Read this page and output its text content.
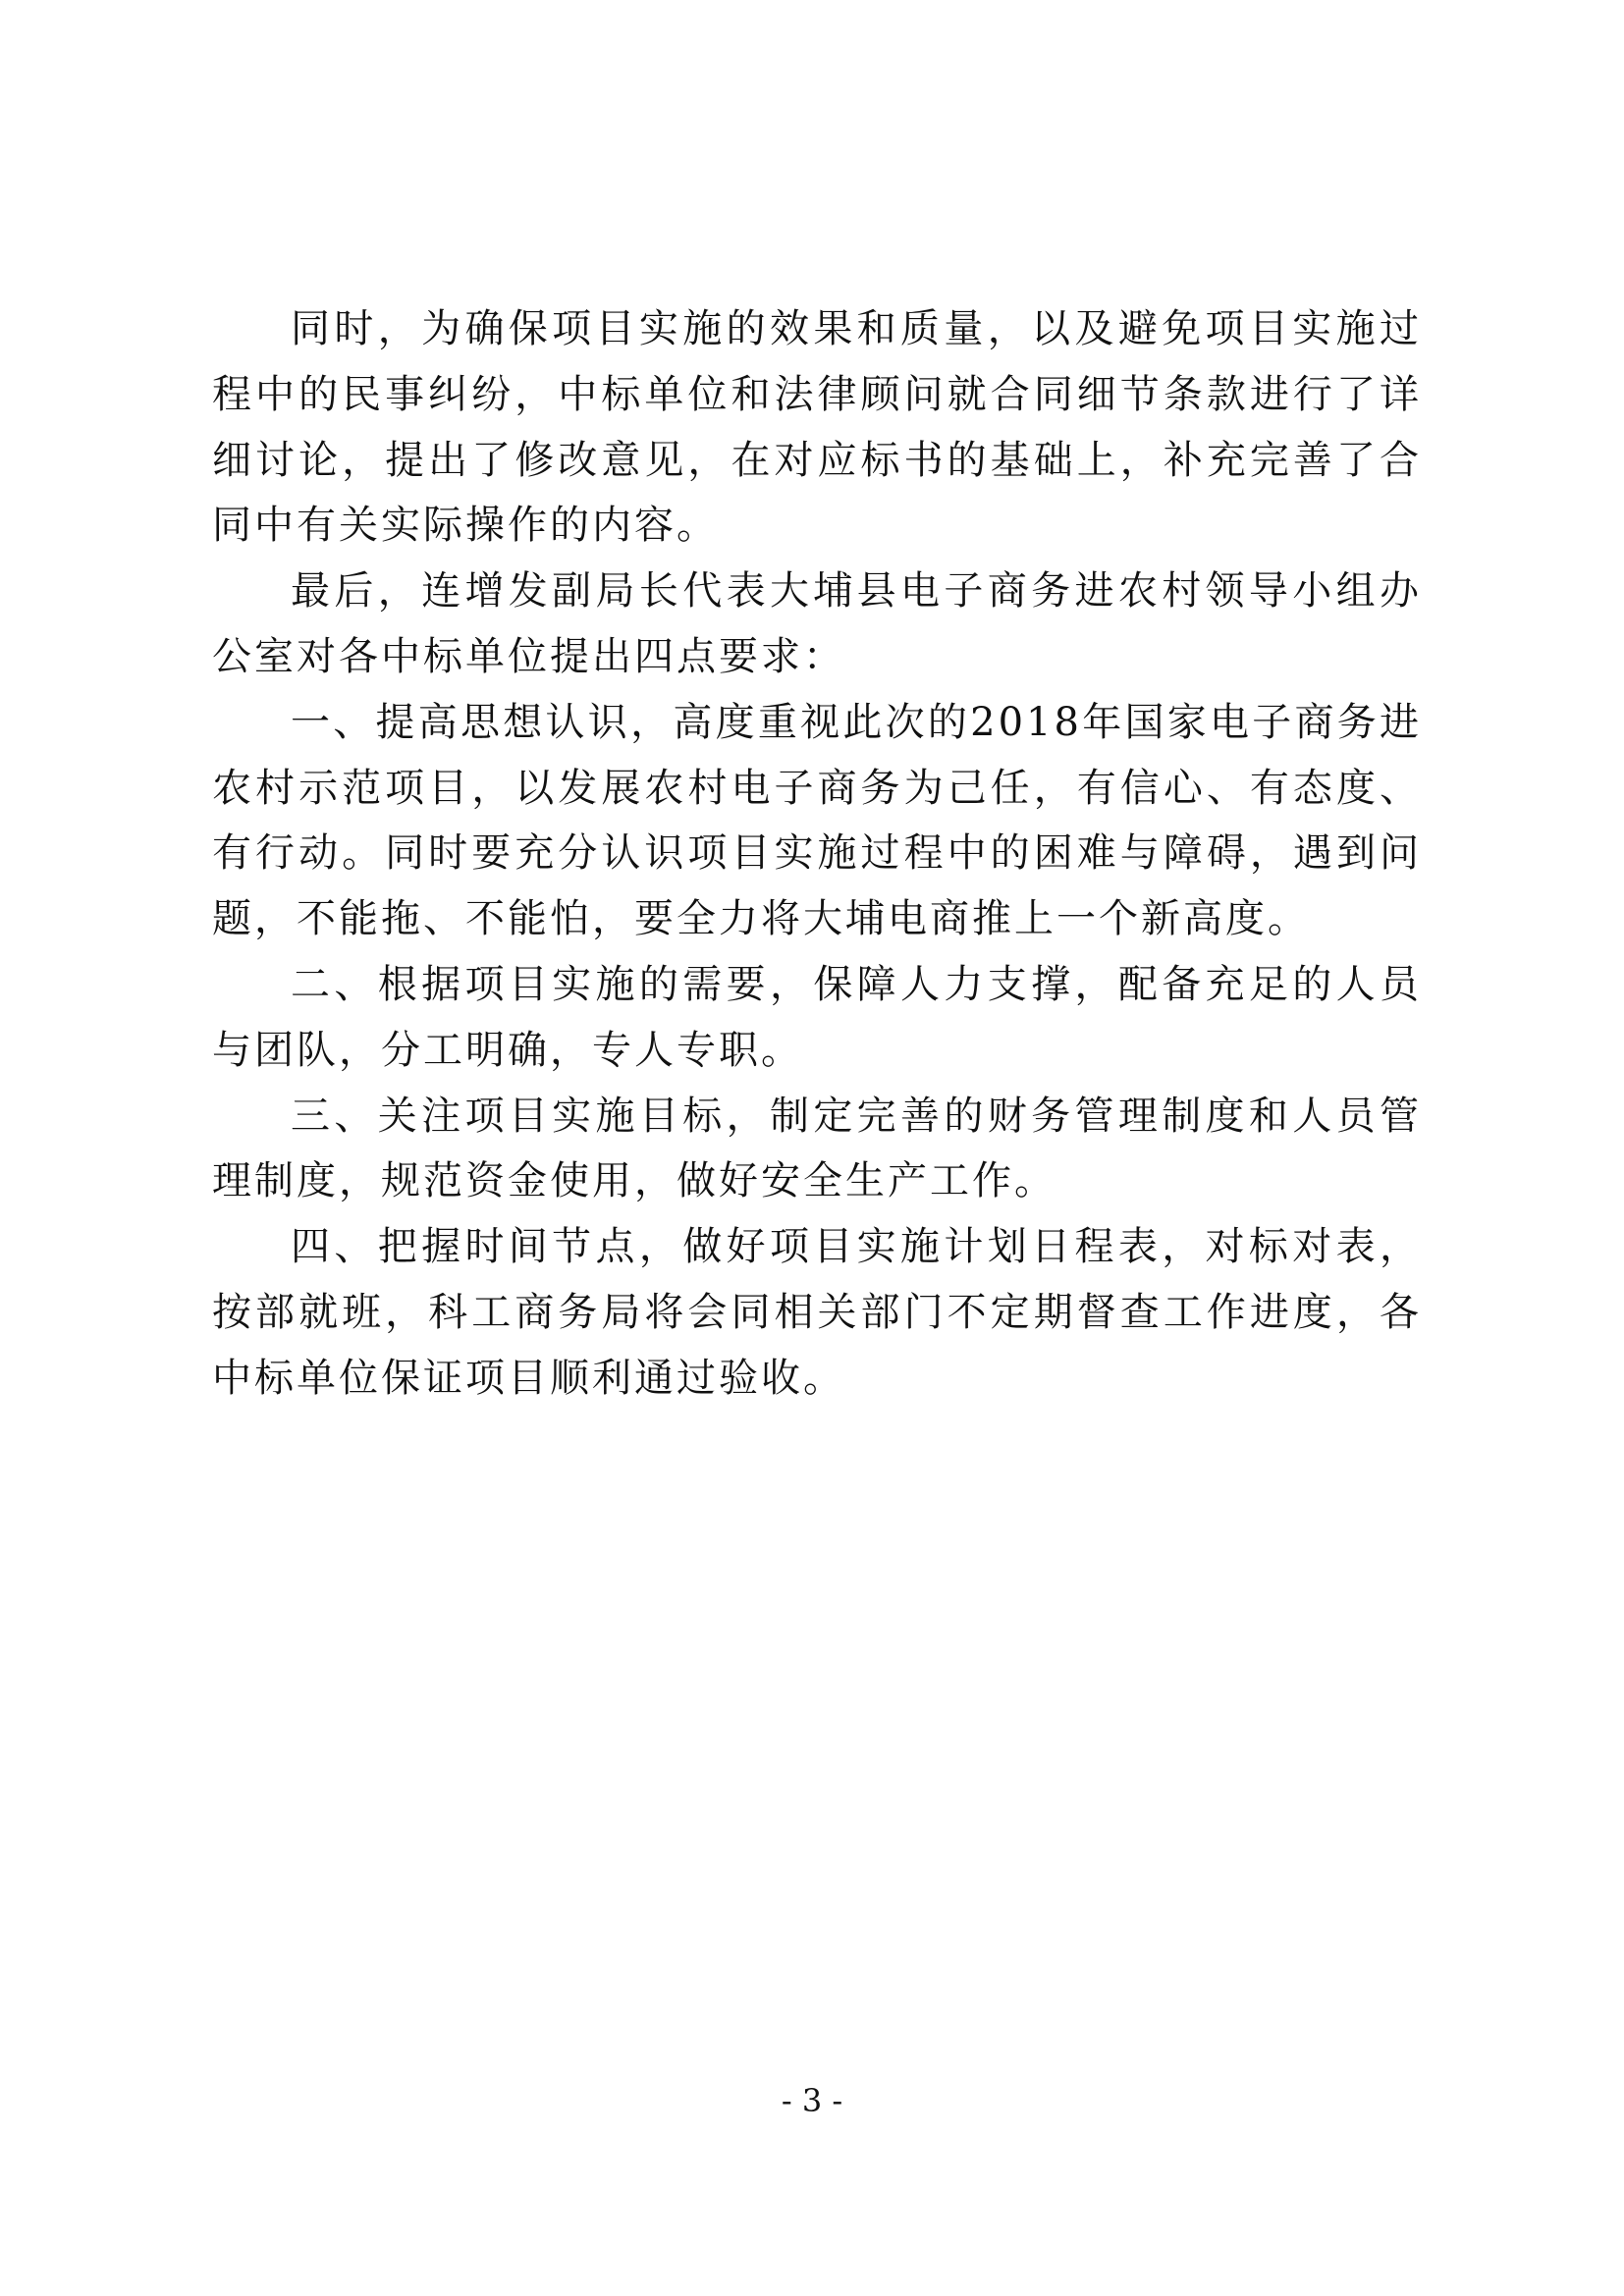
同时，为确保项目实施的效果和质量，以及避免项目实施过程中的民事纠纷，中标单位和法律顾问就合同细节条款进行了详细讨论，提出了修改意见，在对应标书的基础上，补充完善了合同中有关实际操作的内容。

最后，连增发副局长代表大埔县电子商务进农村领导小组办公室对各中标单位提出四点要求：

一、提高思想认识，高度重视此次的2018年国家电子商务进农村示范项目，以发展农村电子商务为己任，有信心、有态度、有行动。同时要充分认识项目实施过程中的困难与障碍，遇到问题，不能拖、不能怕，要全力将大埔电商推上一个新高度。

二、根据项目实施的需要，保障人力支撑，配备充足的人员与团队，分工明确，专人专职。

三、关注项目实施目标，制定完善的财务管理制度和人员管理制度，规范资金使用，做好安全生产工作。

四、把握时间节点，做好项目实施计划日程表，对标对表，按部就班，科工商务局将会同相关部门不定期督查工作进度，各中标单位保证项目顺利通过验收。

- 3 -
